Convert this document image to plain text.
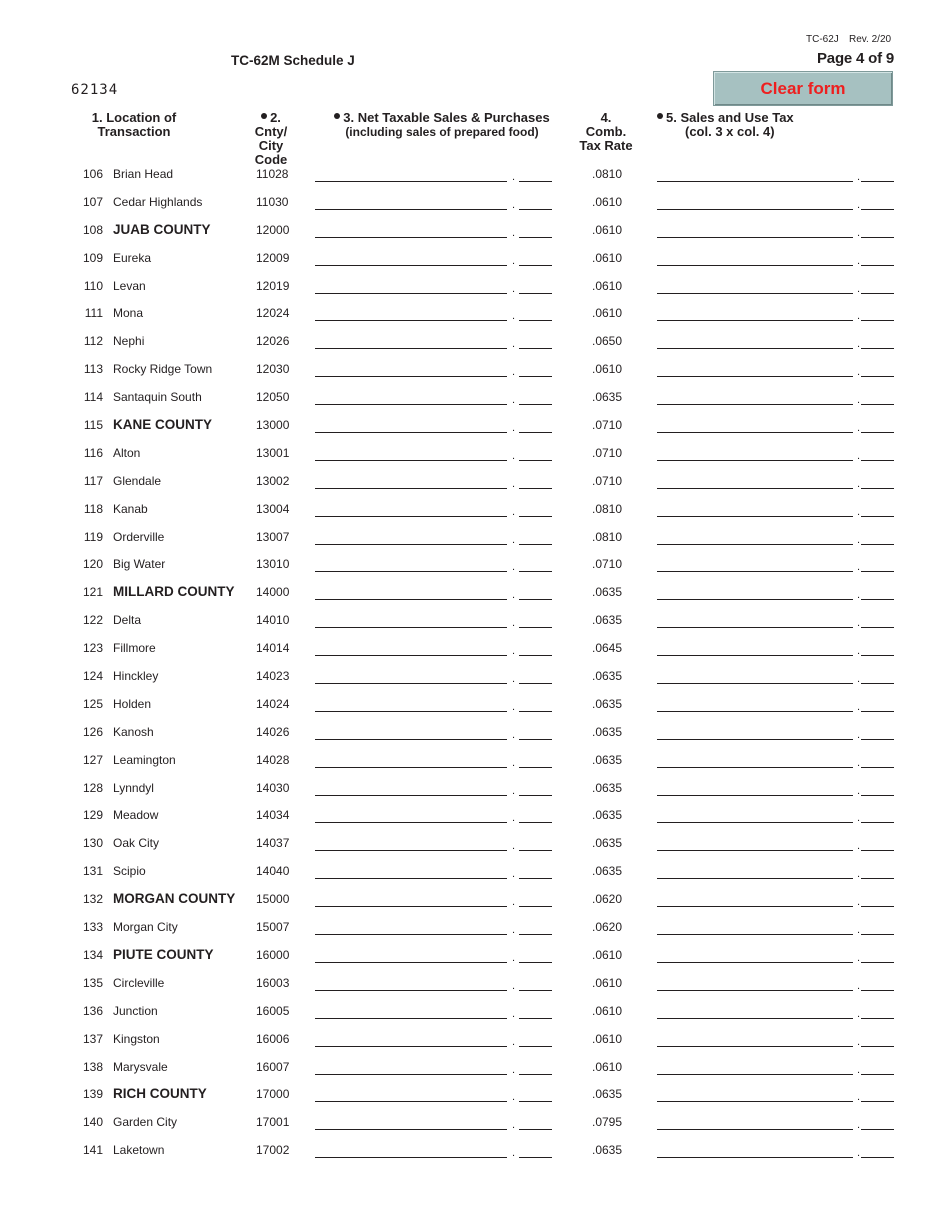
TC-62J Rev. 2/20
Page 4 of 9
TC-62M Schedule J
62134	Clear form
1. Location of
Transaction
2.
Cnty/
City
Code
3. Net Taxable Sales & Purchases
(including sales of prepared food)
4.
Comb.
Tax Rate
5. Sales and Use Tax
(col. 3 x col. 4)
106 Brian Head	11028	.	.0810	.
107 Cedar Highlands	11030	.	.0610	.
108 JUAB COUNTY	12000	.	.0610	.
109 Eureka	12009	.	.0610	.
110 Levan	12019	.	.0610	.
111 Mona	12024	.	.0610	.
112 Nephi	12026	.	.0650	.
113 Rocky Ridge Town	12030	.	.0610	.
114 Santaquin South	12050	.	.0635	.
115 KANE COUNTY	13000	.	.0710	.
116 Alton	13001	.	.0710	.
117 Glendale	13002	.	.0710	.
118 Kanab	13004	.	.0810	.
119 Orderville	13007	.	.0810	.
120 Big Water	13010	.	.0710	.
121 MILLARD COUNTY 14000	.	.0635	.
122 Delta	14010	.	.0635	.
123 Fillmore	14014	.	.0645	.
124 Hinckley	14023	.	.0635	.
125 Holden	14024	.	.0635	.
126 Kanosh	14026	.	.0635	.
127 Leamington	14028	.	.0635	.
128 Lynndyl	14030	.	.0635	.
129 Meadow	14034	.	.0635	.
130 Oak City	14037	.	.0635	.
131 Scipio	14040	.	.0635	.
132 MORGAN COUNTY 15000	.	.0620	.
133 Morgan City	15007	.	.0620	.
134 PIUTE COUNTY	16000	.	.0610	.
135 Circleville	16003	.	.0610	.
136 Junction	16005	.	.0610	.
137 Kingston	16006	.	.0610	.
138 Marysvale	16007	.	.0610	.
139 RICH COUNTY	17000	.	.0635	.
140 Garden City	17001	.	.0795	.
141 Laketown	17002	.	.0635	.
